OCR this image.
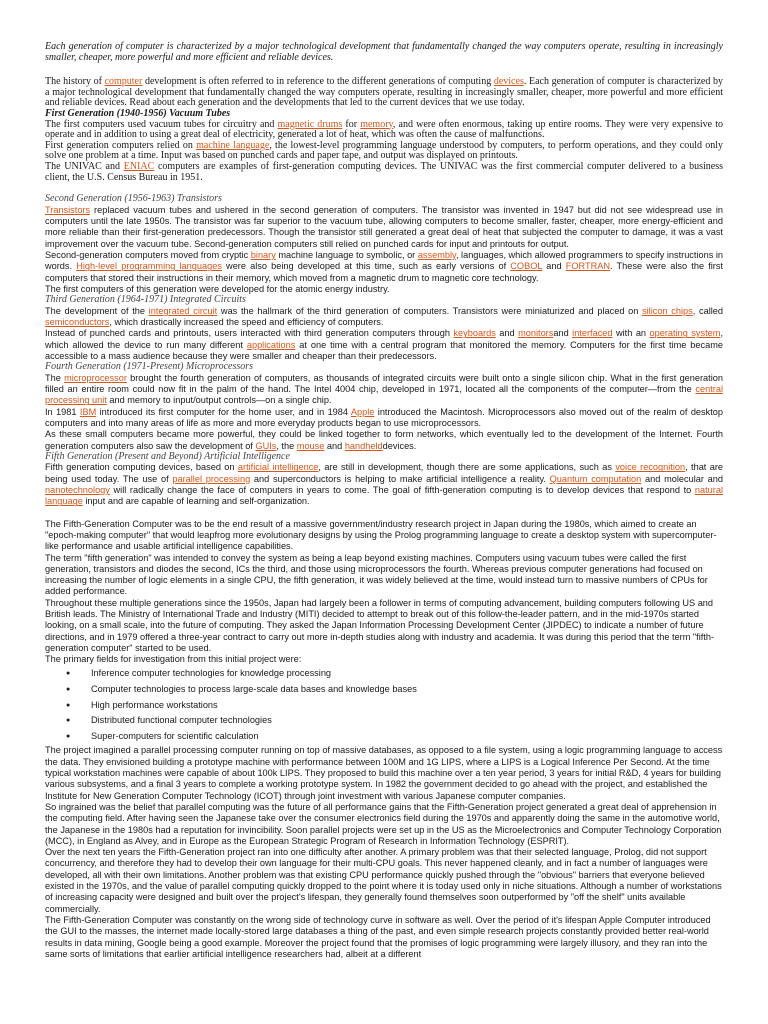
Each generation of computer is characterized by a major technological development that fundamentally changed the way computers operate, resulting in increasingly smaller, cheaper, more powerful and more efficient and reliable devices.

The history of computer development is often referred to in reference to the different generations of computing devices. Each generation of computer is characterized by a major technological development that fundamentally changed the way computers operate, resulting in increasingly smaller, cheaper, more powerful and more efficient and reliable devices. Read about each generation and the developments that led to the current devices that we use today.

First Generation (1940-1956) Vacuum Tubes

The first computers used vacuum tubes for circuitry and magnetic drums for memory, and were often enormous, taking up entire rooms. They were very expensive to operate and in addition to using a great deal of electricity, generated a lot of heat, which was often the cause of malfunctions.

First generation computers relied on machine language, the lowest-level programming language understood by computers, to perform operations, and they could only solve one problem at a time. Input was based on punched cards and paper tape, and output was displayed on printouts.

The UNIVAC and ENIAC computers are examples of first-generation computing devices. The UNIVAC was the first commercial computer delivered to a business client, the U.S. Census Bureau in 1951.

Second Generation (1956-1963) Transistors

Transistors replaced vacuum tubes and ushered in the second generation of computers. The transistor was invented in 1947 but did not see widespread use in computers until the late 1950s. The transistor was far superior to the vacuum tube, allowing computers to become smaller, faster, cheaper, more energy-efficient and more reliable than their first-generation predecessors. Though the transistor still generated a great deal of heat that subjected the computer to damage, it was a vast improvement over the vacuum tube. Second-generation computers still relied on punched cards for input and printouts for output.

Second-generation computers moved from cryptic binary machine language to symbolic, or assembly, languages, which allowed programmers to specify instructions in words. High-level programming languages were also being developed at this time, such as early versions of COBOL and FORTRAN. These were also the first computers that stored their instructions in their memory, which moved from a magnetic drum to magnetic core technology.

The first computers of this generation were developed for the atomic energy industry.

Third Generation (1964-1971) Integrated Circuits

The development of the integrated circuit was the hallmark of the third generation of computers. Transistors were miniaturized and placed on silicon chips, called semiconductors, which drastically increased the speed and efficiency of computers.

Instead of punched cards and printouts, users interacted with third generation computers through keyboards and monitorsand interfaced with an operating system, which allowed the device to run many different applications at one time with a central program that monitored the memory. Computers for the first time became accessible to a mass audience because they were smaller and cheaper than their predecessors.

Fourth Generation (1971-Present) Microprocessors

The microprocessor brought the fourth generation of computers, as thousands of integrated circuits were built onto a single silicon chip. What in the first generation filled an entire room could now fit in the palm of the hand. The Intel 4004 chip, developed in 1971, located all the components of the computer—from the central processing unit and memory to input/output controls—on a single chip.

In 1981 IBM introduced its first computer for the home user, and in 1984 Apple introduced the Macintosh. Microprocessors also moved out of the realm of desktop computers and into many areas of life as more and more everyday products began to use microprocessors.

As these small computers became more powerful, they could be linked together to form networks, which eventually led to the development of the Internet. Fourth generation computers also saw the development of GUIs, the mouse and handhelddevices.

Fifth Generation (Present and Beyond) Artificial Intelligence

Fifth generation computing devices, based on artificial intelligence, are still in development, though there are some applications, such as voice recognition, that are being used today. The use of parallel processing and superconductors is helping to make artificial intelligence a reality. Quantum computation and molecular and nanotechnology will radically change the face of computers in years to come. The goal of fifth-generation computing is to develop devices that respond to natural language input and are capable of learning and self-organization.

The Fifth-Generation Computer was to be the end result of a massive government/industry research project in Japan during the 1980s, which aimed to create an "epoch-making computer" that would leapfrog more evolutionary designs by using the Prolog programming language to create a desktop system with supercomputer-like performance and usable artificial intelligence capabilities.

The term "fifth generation" was intended to convey the system as being a leap beyond existing machines. Computers using vacuum tubes were called the first generation, transistors and diodes the second, ICs the third, and those using microprocessors the fourth. Whereas previous computer generations had focused on increasing the number of logic elements in a single CPU, the fifth generation, it was widely believed at the time, would instead turn to massive numbers of CPUs for added performance.

Throughout these multiple generations since the 1950s, Japan had largely been a follower in terms of computing advancement, building computers following US and British leads. The Ministry of International Trade and Industry (MITI) decided to attempt to break out of this follow-the-leader pattern, and in the mid-1970s started looking, on a small scale, into the future of computing. They asked the Japan Information Processing Development Center (JIPDEC) to indicate a number of future directions, and in 1979 offered a three-year contract to carry out more in-depth studies along with industry and academia. It was during this period that the term "fifth-generation computer" started to be used.

The primary fields for investigation from this initial project were:

● Inference computer technologies for knowledge processing
● Computer technologies to process large-scale data bases and knowledge bases
● High performance workstations
● Distributed functional computer technologies
● Super-computers for scientific calculation

The project imagined a parallel processing computer running on top of massive databases, as opposed to a file system, using a logic programming language to access the data. They envisioned building a prototype machine with performance between 100M and 1G LIPS, where a LIPS is a Logical Inference Per Second. At the time typical workstation machines were capable of about 100k LIPS. They proposed to build this machine over a ten year period, 3 years for initial R&D, 4 years for building various subsystems, and a final 3 years to complete a working prototype system. In 1982 the government decided to go ahead with the project, and established the Institute for New Generation Computer Technology (ICOT) through joint investment with various Japanese computer companies.

So ingrained was the belief that parallel computing was the future of all performance gains that the Fifth-Generation project generated a great deal of apprehension in the computing field. After having seen the Japanese take over the consumer electronics field during the 1970s and apparently doing the same in the automotive world, the Japanese in the 1980s had a reputation for invincibility. Soon parallel projects were set up in the US as the Microelectronics and Computer Technology Corporation (MCC), in England as Alvey, and in Europe as the European Strategic Program of Research in Information Technology (ESPRIT).

Over the next ten years the Fifth-Generation project ran into one difficulty after another. A primary problem was that their selected language, Prolog, did not support concurrency, and therefore they had to develop their own language for their multi-CPU goals. This never happened cleanly, and in fact a number of languages were developed, all with their own limitations. Another problem was that existing CPU performance quickly pushed through the "obvious" barriers that everyone believed existed in the 1970s, and the value of parallel computing quickly dropped to the point where it is today used only in niche situations. Although a number of workstations of increasing capacity were designed and built over the project's lifespan, they generally found themselves soon outperformed by "off the shelf" units available commercially.

The Fifth-Generation Computer was constantly on the wrong side of technology curve in software as well. Over the period of it's lifespan Apple Computer introduced the GUI to the masses, the internet made locally-stored large databases a thing of the past, and even simple research projects constantly provided better real-world results in data mining, Google being a good example. Moreover the project found that the promises of logic programming were largely illusory, and they ran into the same sorts of limitations that earlier artificial intelligence researchers had, albeit at a different
